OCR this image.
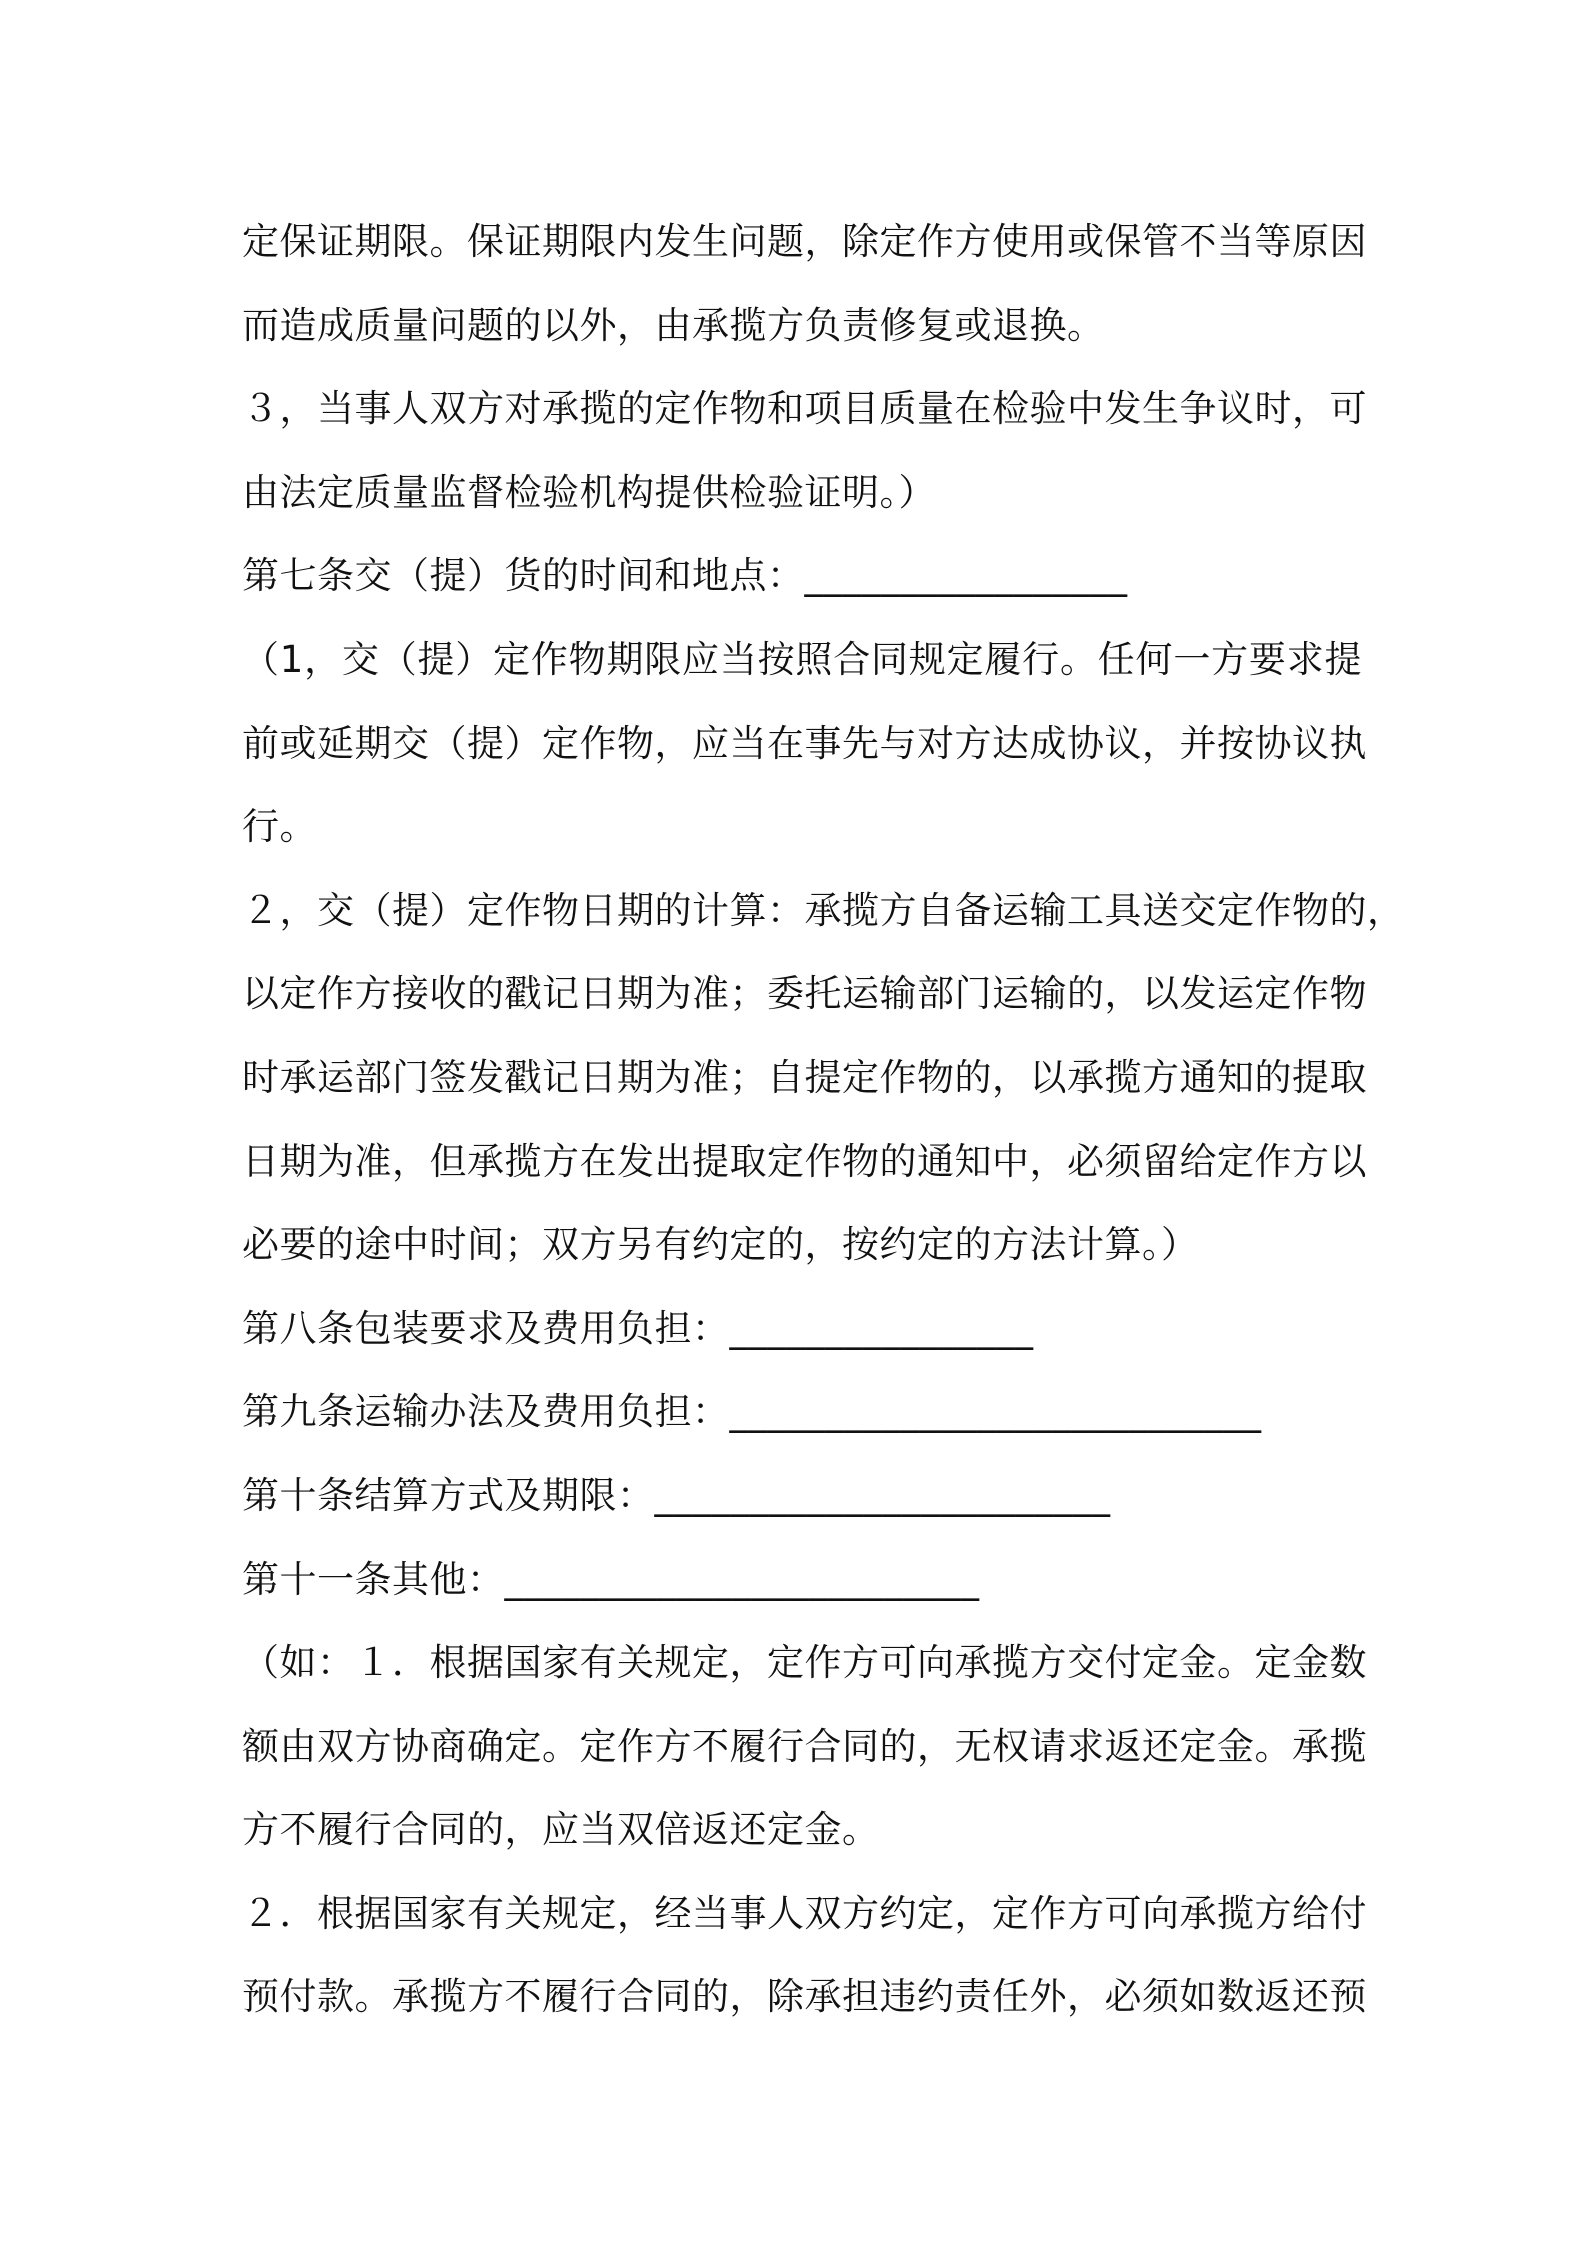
定保证期限。保证期限内发生问题，除定作方使用或保管不当等原因
而造成质量问题的以外，由承揽方负责修复或退换。
３，当事人双方对承揽的定作物和项目质量在检验中发生争议时，可
由法定质量监督检验机构提供检验证明。）
第七条交（提）货的时间和地点：_________________
（1，交（提）定作物期限应当按照合同规定履行。任何一方要求提
前或延期交（提）定作物，应当在事先与对方达成协议，并按协议执
行。
２，交（提）定作物日期的计算：承揽方自备运输工具送交定作物的，
以定作方接收的戳记日期为准；委托运输部门运输的，以发运定作物
时承运部门签发戳记日期为准；自提定作物的，以承揽方通知的提取
日期为准，但承揽方在发出提取定作物的通知中，必须留给定作方以
必要的途中时间；双方另有约定的，按约定的方法计算。）
第八条包装要求及费用负担：________________
第九条运输办法及费用负担：____________________________
第十条结算方式及期限：________________________
第十一条其他：_________________________
（如：１．根据国家有关规定，定作方可向承揽方交付定金。定金数
额由双方协商确定。定作方不履行合同的，无权请求返还定金。承揽
方不履行合同的，应当双倍返还定金。
２．根据国家有关规定，经当事人双方约定，定作方可向承揽方给付
预付款。承揽方不履行合同的，除承担违约责任外，必须如数返还预
